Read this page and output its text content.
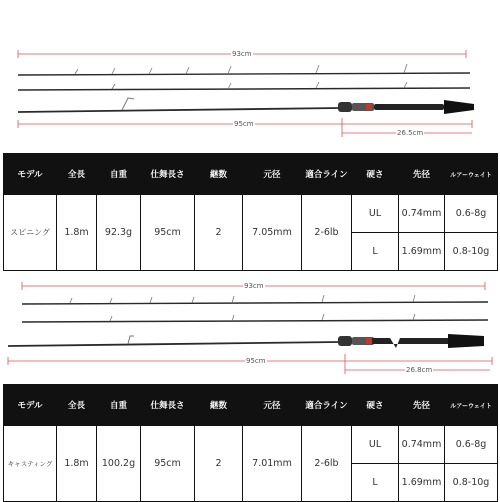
93cm
95cm
26.5cm
モデル	全長	自重	仕舞長さ	継数	元径	適合ライン	硬さ	先径	ルアーウェイト
スピニング	1.8m	92.3g	95cm	2	7.05mm	2-6lb	UL	0.74mm	0.6-8g
							L	1.69mm	0.8-10g
93cm
95cm
26.8cm
モデル	全長	自重	仕舞長さ	継数	元径	適合ライン	硬さ	先径	ルアーウェイト
キャスティング	1.8m	100.2g	95cm	2	7.01mm	2-6lb	UL	0.74mm	0.6-8g
							L	1.69mm	0.8-10g
